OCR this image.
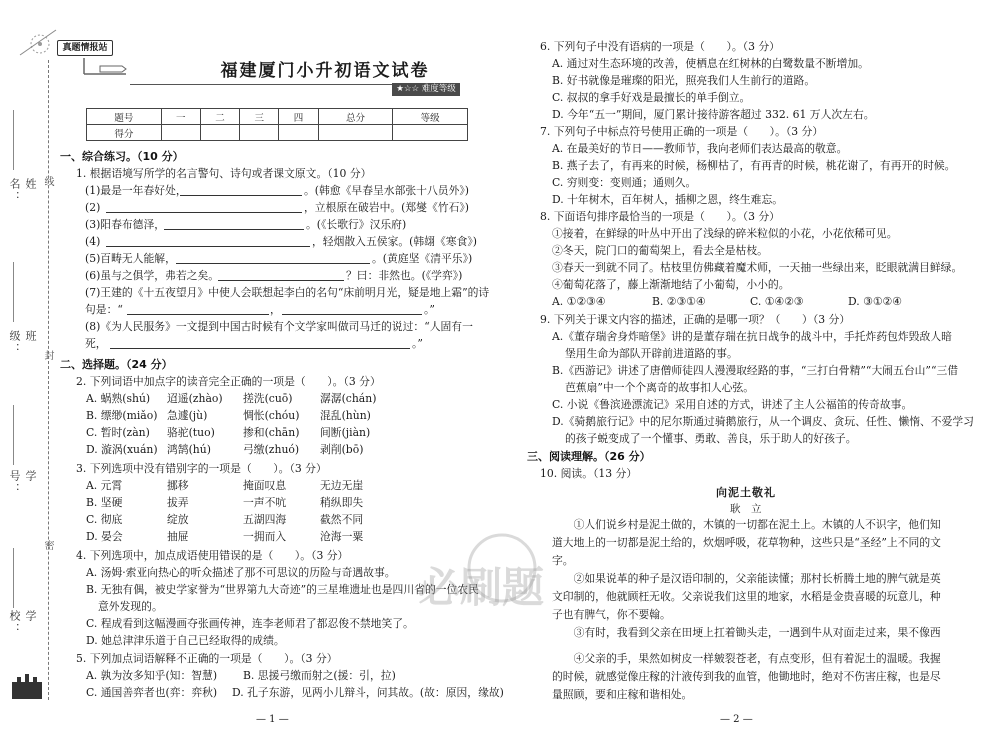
姓名：	线
班级：	封
学号：
密
学校：
真题情报站
福建厦门小升初语文试卷
★☆☆ 难度等级
题号	一	二	三	四	总分	等级
得分						
一、综合练习。（10 分）
1. 根据语境写所学的名言警句、诗句或者课文原文。（10 分）
(1)最是一年春好处，	。(韩愈《早春呈水部张十八员外》)
(2)	，立根原在破岩中。(郑燮《竹石》)
(3)阳春布德泽，	。(《长歌行》汉乐府)
(4)	，轻烟散入五侯家。(韩翃《寒食》)
(5)百畴无人能解，	。(黄庭坚《清平乐》)
(6)虽与之俱学，弗若之矣。	？曰：非然也。(《学弈》)
(7)王建的《十五夜望月》中使人会联想起李白的名句“床前明月光，疑是地上霜”的诗
句是：“	，	。”
(8)《为人民服务》一文提到中国古时候有个文学家叫做司马迁的说过：“人固有一
死，	。”
二、选择题。（24 分）
2. 下列词语中加点字的读音完全正确的一项是（　　）。（3 分）
A. 蜗熟(shú) 迢遥(zhào) 搓洗(cuō)	潺潺(chán)
B. 缥缈(miǎo) 急遽(jù)	惆怅(chóu) 混乱(hùn)
C. 暂时(zàn) 骆驼(tuo)	掺和(chān) 间断(jiàn)
D. 漩涡(xuán) 鸿鹄(hú)	弓缴(zhuó) 剥削(bō)
3. 下列选项中没有错别字的一项是（　　）。（3 分）
A. 元霄	挪移	掩面叹息	无边无崖
B. 坚硬	拔弄	一声不吭	稍纵即失
C. 彻底	绽放	五湖四海	截然不同
D. 晏会	抽屉	一拥而入	沧海一粟
4. 下列选项中，加点成语使用错误的是（　　）。（3 分）
A. 汤姆·索亚向热心的听众描述了那不可思议的历险与奇遇故事。
B. 无独有偶，被史学家誉为“世界第九大奇迹”的三星堆遗址也是四川省的一位农民
意外发现的。
C. 程成看到这幅漫画夺张画传神，连李老师君了都忍俊不禁地笑了。
D. 她总津津乐道于自己已经取得的成绩。
5. 下列加点词语解释不正确的一项是（　　）。（3 分）
A. 孰为汝多知乎(知：智慧) B. 思援弓缴而射之(援：引，拉)
C. 通国善弈者也(弈：弈秋) D. 孔子东游，见两小儿辩斗，问其故。(故：原因，缘故)
— 1 —
6. 下列句子中没有语病的一项是（　　）。（3 分）
A. 通过对生态环境的改善，使栖息在红树林的白鹭数量不断增加。
B. 好书就像是璀璨的阳光，照亮我们人生前行的道路。
C. 叔叔的拿手好戏是最擅长的单手倒立。
D. 今年“五一”期间，厦门累计接待游客超过 332. 61 万人次左右。
7. 下列句子中标点符号使用正确的一项是（　　）。（3 分）
A. 在最美好的节日——教师节，我向老师们表达最高的敬意。
B. 燕子去了，有再来的时候，杨柳枯了，有再青的时候，桃花谢了，有再开的时候。
C. 穷则变：变则通；通则久。
D. 十年树木，百年树人，插柳之恩，终生难忘。
8. 下面语句排序最恰当的一项是（　　）。（3 分）
①接着，在鲜绿的叶丛中开出了浅绿的碎米粒似的小花，小花依稀可见。
②冬天，院门口的葡萄架上，看去全是枯枝。
③春天一到就不同了。枯枝里仿佛藏着魔术师，一天抽一些绿出来，眨眼就满目鲜绿。
④葡萄花落了，藤上渐渐地结了小葡萄，小小的。
A. ①②③④	B. ②③①④	C. ①④②③	D. ③①②④
9. 下列关于课文内容的描述，正确的是哪一项？（　　）（3 分）
A.《董存瑞舍身炸暗堡》讲的是董存瑞在抗日战争的战斗中，手托炸药包炸毁敌人暗
堡用生命为部队开辟前进道路的事。
B.《西游记》讲述了唐僧师徒四人漫漫取经路的事，“三打白骨精”“大闹五台山”“三借
芭蕉扇”中一个个离奇的故事扣人心弦。
C. 小说《鲁滨逊漂流记》采用自述的方式，讲述了主人公福笛的传奇故事。
D.《骑鹅旅行记》中的尼尔斯通过骑鹅旅行，从一个调皮、贪玩、任性、懒惰、不爱学习
的孩子蜕变成了一个懂事、勇敢、善良，乐于助人的好孩子。
三、阅读理解。（26 分）
10. 阅读。（13 分）
向泥土敬礼
耿　立
①人们说乡村是泥土做的，木镇的一切都在泥土上。木镇的人不识字，他们知道大地上的一切都是泥土给的，炊烟呼吸，花草物种，这些只是“圣经”上不同的文字。
②如果说革的种子是汉语印制的，父亲能读懂；那村长析腾土地的脾气就是英文印制的，他就顾枉无收。父亲说我们这里的地家，水稻是金贵喜暖的玩意儿，种子也有脾气，你不要翰。
③有时，我看到父亲在田埂上扛着锄头走，一遇到牛从对面走过来，果不像西
④父亲的手，果然如树皮一样皴裂苍老，有点变形，但有着泥土的温暖。我握的时候，就感觉像庄稼的汁液传到我的血管，他锄地时，绝对不伤害庄稼，也是尽量照顾，要和庄稼和谐相处。
— 2 —
必刷题
